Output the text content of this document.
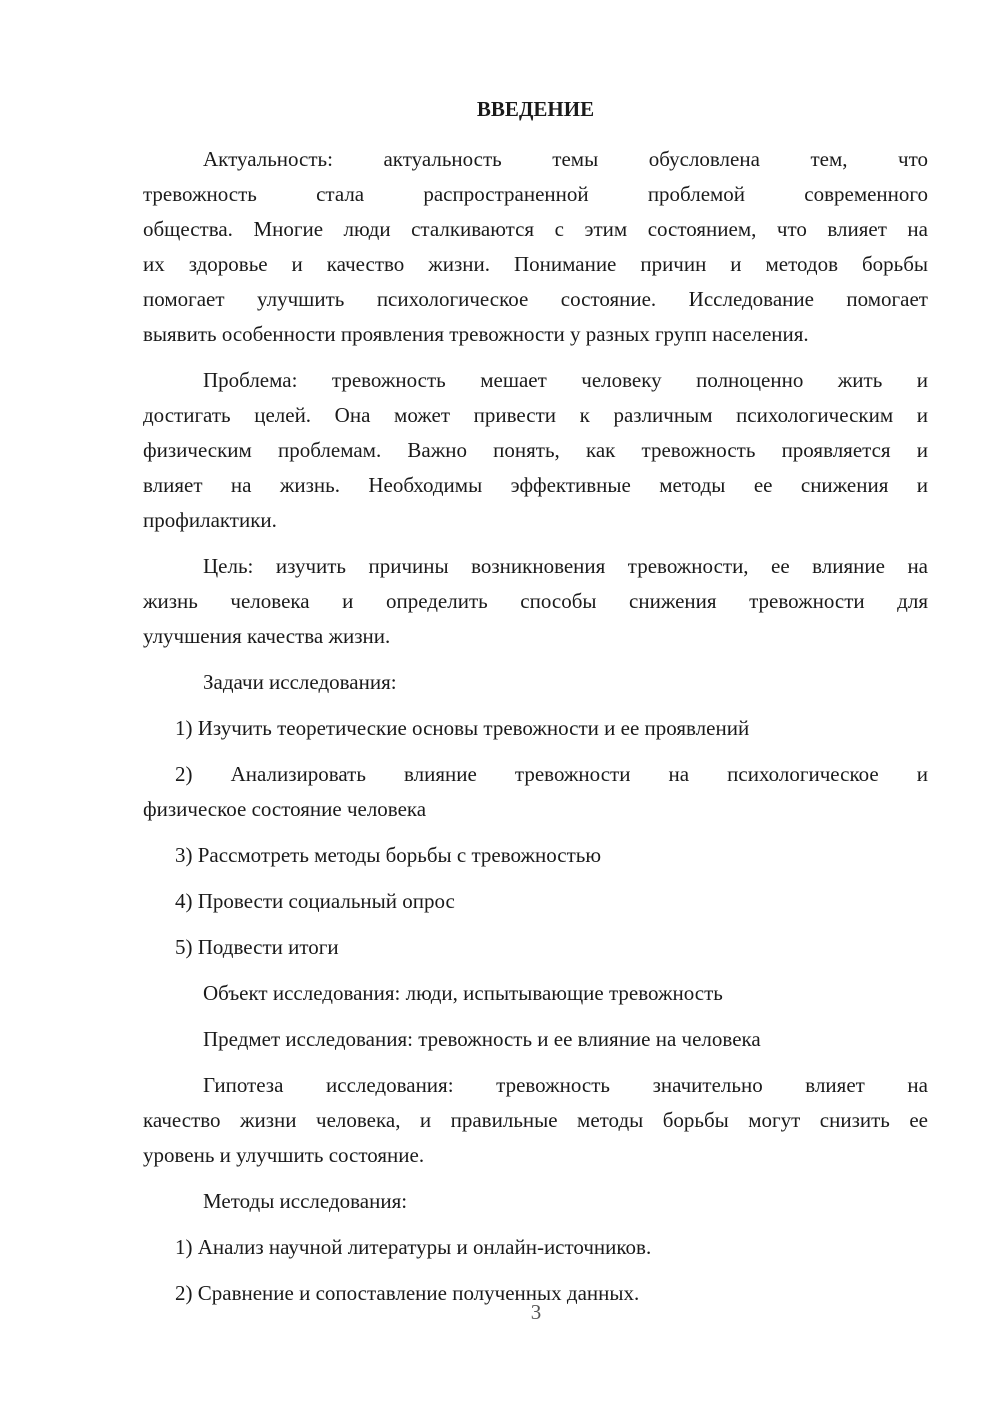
ВВЕДЕНИЕ
Актуальность: актуальность темы обусловлена тем, что
тревожность стала распространенной проблемой современного
общества. Многие люди сталкиваются с этим состоянием, что влияет на
их здоровье и качество жизни. Понимание причин и методов борьбы
помогает улучшить психологическое состояние. Исследование помогает
выявить особенности проявления тревожности у разных групп населения.
Проблема: тревожность мешает человеку полноценно жить и
достигать целей. Она может привести к различным психологическим и
физическим проблемам. Важно понять, как тревожность проявляется и
влияет на жизнь. Необходимы эффективные методы ее снижения и
профилактики.
Цель: изучить причины возникновения тревожности, ее влияние на
жизнь человека и определить способы снижения тревожности для
улучшения качества жизни.
Задачи исследования:
1) Изучить теоретические основы тревожности и ее проявлений
2) Анализировать влияние тревожности на психологическое и
физическое состояние человека
3) Рассмотреть методы борьбы с тревожностью
4) Провести социальный опрос
5) Подвести итоги
Объект исследования: люди, испытывающие тревожность
Предмет исследования: тревожность и ее влияние на человека
Гипотеза исследования: тревожность значительно влияет на
качество жизни человека, и правильные методы борьбы могут снизить ее
уровень и улучшить состояние.
Методы исследования:
1) Анализ научной литературы и онлайн-источников.
2) Сравнение и сопоставление полученных данных.
3
